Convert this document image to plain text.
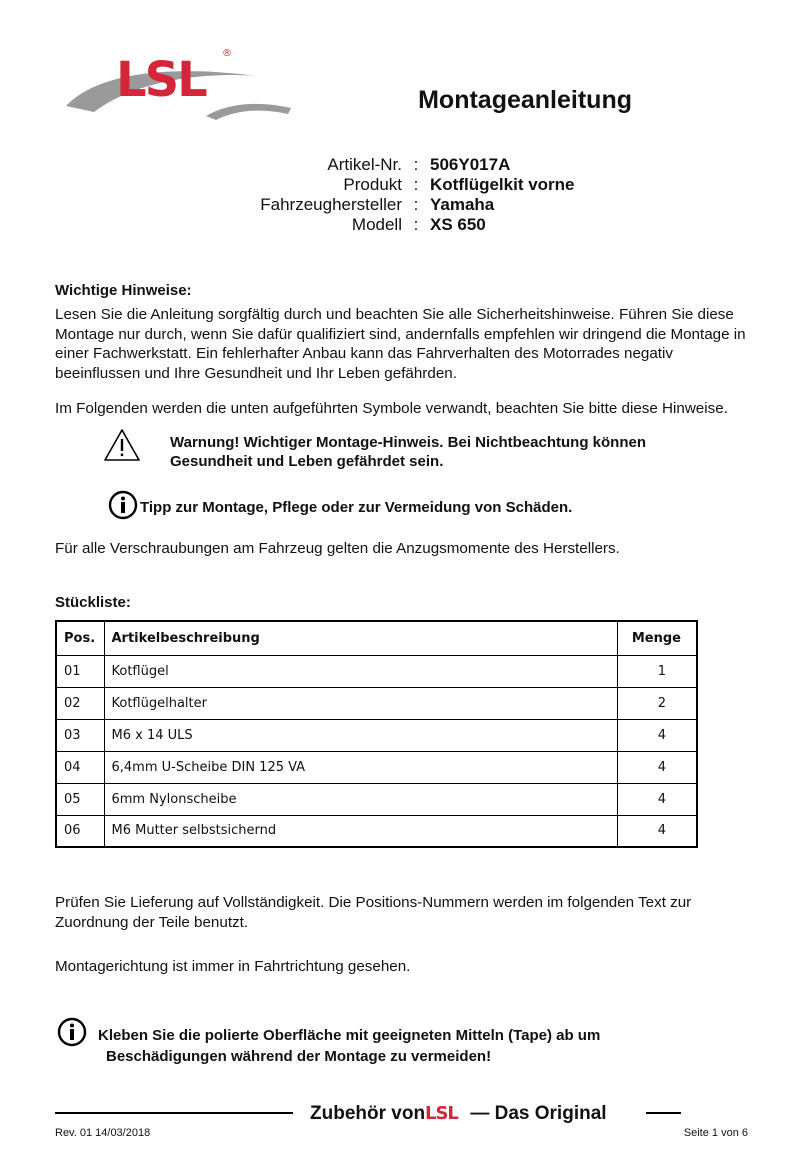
LSL ®
Montageanleitung
Artikel-Nr. : 506Y017A
Produkt : Kotflügelkit vorne
Fahrzeughersteller : Yamaha
Modell : XS 650
Wichtige Hinweise:
Lesen Sie die Anleitung sorgfältig durch und beachten Sie alle Sicherheitshinweise. Führen Sie diese Montage nur durch, wenn Sie dafür qualifiziert sind, andernfalls empfehlen wir dringend die Montage in einer Fachwerkstatt. Ein fehlerhafter Anbau kann das Fahrverhalten des Motorrades negativ beeinflussen und Ihre Gesundheit und Ihr Leben gefährden.
Im Folgenden werden die unten aufgeführten Symbole verwandt, beachten Sie bitte diese Hinweise.
Warnung! Wichtiger Montage-Hinweis. Bei Nichtbeachtung können Gesundheit und Leben gefährdet sein.
Tipp zur Montage, Pflege oder zur Vermeidung von Schäden.
Für alle Verschraubungen am Fahrzeug gelten die Anzugsmomente des Herstellers.
Stückliste:
Pos.	Artikelbeschreibung	Menge
01	Kotflügel	1
02	Kotflügelhalter	2
03	M6 x 14 ULS	4
04	6,4mm U-Scheibe DIN 125 VA	4
05	6mm Nylonscheibe	4
06	M6 Mutter selbstsichernd	4
Prüfen Sie Lieferung auf Vollständigkeit. Die Positions-Nummern werden im folgenden Text zur Zuordnung der Teile benutzt.
Montagerichtung ist immer in Fahrtrichtung gesehen.
Kleben Sie die polierte Oberfläche mit geeigneten Mitteln (Tape) ab um
Beschädigungen während der Montage zu vermeiden!
Zubehör von LSL — Das Original
Rev. 01 14/03/2018	Seite 1 von 6
